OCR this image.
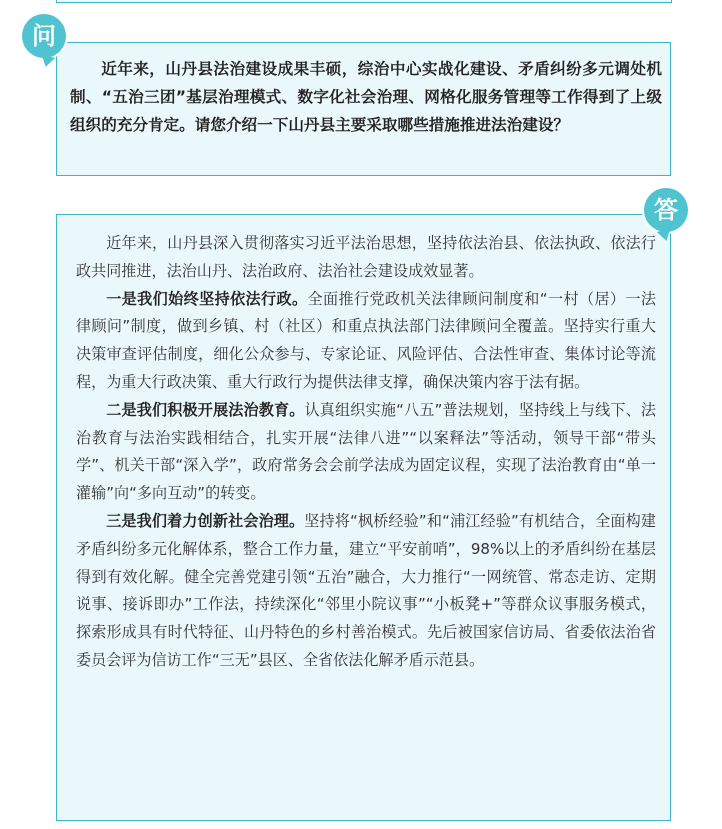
问

近年来，山丹县法治建设成果丰硕，综治中心实战化建设、矛盾纠纷多元调处机制、“五治三团”基层治理模式、数字化社会治理、网格化服务管理等工作得到了上级组织的充分肯定。请您介绍一下山丹县主要采取哪些措施推进法治建设？

答

近年来，山丹县深入贯彻落实习近平法治思想，坚持依法治县、依法执政、依法行政共同推进，法治山丹、法治政府、法治社会建设成效显著。

一是我们始终坚持依法行政。全面推行党政机关法律顾问制度和“一村（居）一法律顾问”制度，做到乡镇、村（社区）和重点执法部门法律顾问全覆盖。坚持实行重大决策审查评估制度，细化公众参与、专家论证、风险评估、合法性审查、集体讨论等流程，为重大行政决策、重大行政行为提供法律支撑，确保决策内容于法有据。

二是我们积极开展法治教育。认真组织实施“八五”普法规划，坚持线上与线下、法治教育与法治实践相结合，扎实开展“法律八进”“以案释法”等活动，领导干部“带头学”、机关干部“深入学”，政府常务会会前学法成为固定议程，实现了法治教育由“单一灌输”向“多向互动”的转变。

三是我们着力创新社会治理。坚持将“枫桥经验”和“浦江经验”有机结合，全面构建矛盾纠纷多元化解体系，整合工作力量，建立“平安前哨”，98%以上的矛盾纠纷在基层得到有效化解。健全完善党建引领“五治”融合，大力推行“一网统管、常态走访、定期说事、接诉即办”工作法，持续深化“邻里小院议事”“小板凳+”等群众议事服务模式，探索形成具有时代特征、山丹特色的乡村善治模式。先后被国家信访局、省委依法治省委员会评为信访工作“三无”县区、全省依法化解矛盾示范县。
